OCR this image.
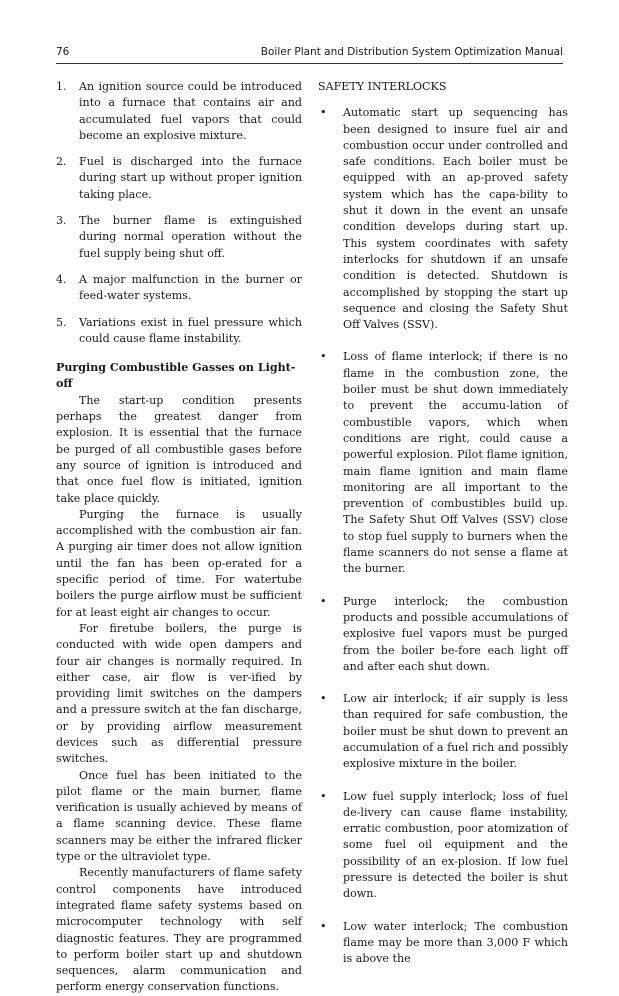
76	Boiler Plant and Distribution System Optimization Manual
1. An ignition source could be introduced into a furnace that contains air and accumulated fuel vapors that could become an explosive mixture.
2. Fuel is discharged into the furnace during start up without proper ignition taking place.
3. The burner flame is extinguished during normal operation without the fuel supply being shut off.
4. A major malfunction in the burner or feed-water systems.
5. Variations exist in fuel pressure which could cause flame instability.

Purging Combustible Gasses on Light-off

The start-up condition presents perhaps the greatest danger from explosion. It is essential that the furnace be purged of all combustible gases before any source of ignition is introduced and that once fuel flow is initiated, ignition take place quickly.

Purging the furnace is usually accomplished with the combustion air fan. A purging air timer does not allow ignition until the fan has been op-erated for a specific period of time. For watertube boilers the purge airflow must be sufficient for at least eight air changes to occur.

For firetube boilers, the purge is conducted with wide open dampers and four air changes is normally required. In either case, air flow is ver-ified by providing limit switches on the dampers and a pressure switch at the fan discharge, or by providing airflow measurement devices such as differential pressure switches.

Once fuel has been initiated to the pilot flame or the main burner, flame verification is usually achieved by means of a flame scanning device. These flame scanners may be either the infrared flicker type or the ultraviolet type.

Recently manufacturers of flame safety control components have introduced integrated flame safety systems based on microcomputer technology with self diagnostic features. They are programmed to perform boiler start up and shutdown sequences, alarm communication and perform energy conservation functions.

SAFETY INTERLOCKS

• Automatic start up sequencing has been designed to insure fuel air and combustion occur under controlled and safe conditions. Each boiler must be equipped with an ap-proved safety system which has the capa-bility to shut it down in the event an unsafe condition develops during start up. This system coordinates with safety interlocks for shutdown if an unsafe condition is detected. Shutdown is accomplished by stopping the start up sequence and closing the Safety Shut Off Valves (SSV).
• Loss of flame interlock; if there is no flame in the combustion zone, the boiler must be shut down immediately to prevent the accumu-lation of combustible vapors, which when conditions are right, could cause a powerful explosion. Pilot flame ignition, main flame ignition and main flame monitoring are all important to the prevention of combustibles build up. The Safety Shut Off Valves (SSV) close to stop fuel supply to burners when the flame scanners do not sense a flame at the burner.
• Purge interlock; the combustion products and possible accumulations of explosive fuel vapors must be purged from the boiler be-fore each light off and after each shut down.
• Low air interlock; if air supply is less than required for safe combustion, the boiler must be shut down to prevent an accumulation of a fuel rich and possibly explosive mixture in the boiler.
• Low fuel supply interlock; loss of fuel de-livery can cause flame instability, erratic combustion, poor atomization of some fuel oil equipment and the possibility of an ex-plosion. If low fuel pressure is detected the boiler is shut down.
• Low water interlock; The combustion flame may be more than 3,000 F which is above the
